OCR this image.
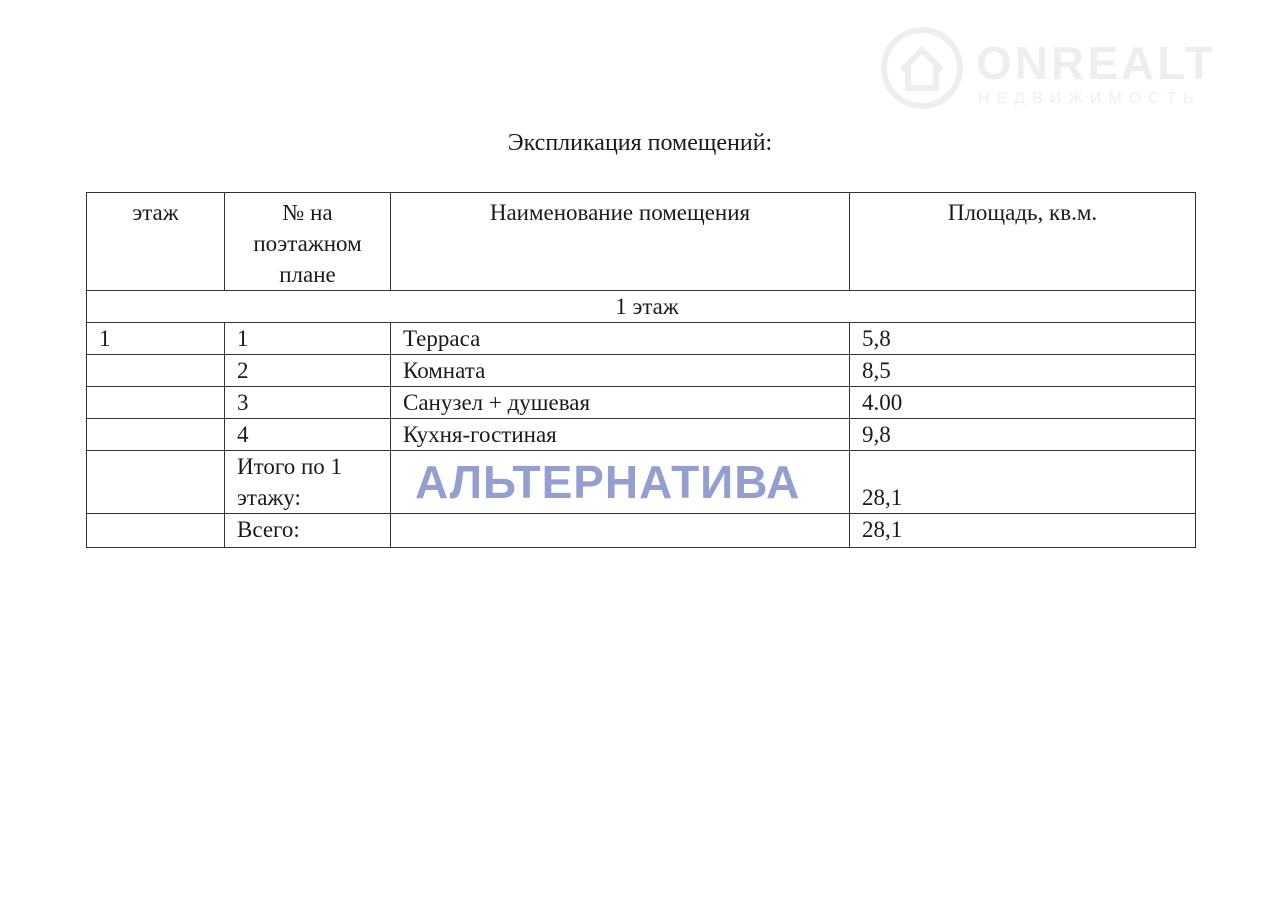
ONREALT
НЕДВИЖИМОСТЬ
Экспликация помещений:
этаж	№ на поэтажном плане	Наименование помещения	Площадь, кв.м.
1 этаж			
1	1	Терраса	5,8
	2	Комната	8,5
	3	Санузел + душевая	4.00
	4	Кухня-гостиная	9,8
	Итого по 1 этажу:		28,1
	Всего:		28,1
АЛЬТЕРНАТИВА
